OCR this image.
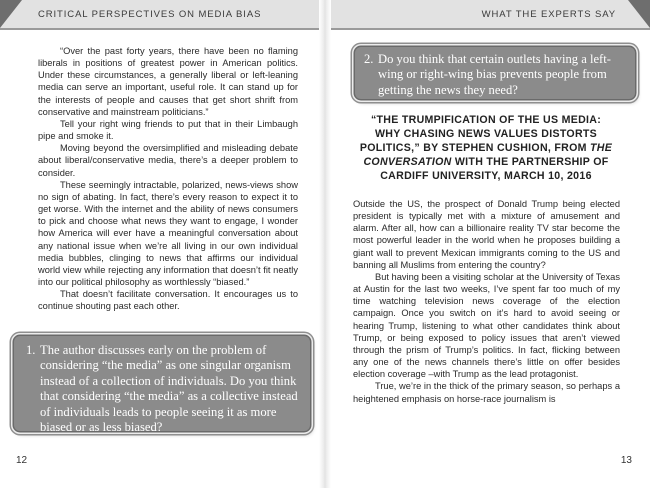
CRITICAL PERSPECTIVES ON MEDIA BIAS

“Over the past forty years, there have been no flaming liberals in positions of greatest power in American politics. Under these circumstances, a generally liberal or left-leaning media can serve an important, useful role. It can stand up for the interests of people and causes that get short shrift from conservative and mainstream politicians.”

Tell your right wing friends to put that in their Limbaugh pipe and smoke it.

Moving beyond the oversimplified and misleading debate about liberal/conservative media, there’s a deeper problem to consider.

These seemingly intractable, polarized, news-views show no sign of abating. In fact, there’s every reason to expect it to get worse. With the internet and the ability of news consumers to pick and choose what news they want to engage, I wonder how America will ever have a meaningful conversation about any national issue when we’re all living in our own individual media bubbles, clinging to news that affirms our individual world view while rejecting any information that doesn’t fit neatly into our political philosophy as worthlessly “biased.”

That doesn’t facilitate conversation. It encourages us to continue shouting past each other.

1. The author discusses early on the problem of considering “the media” as one singular organism instead of a collection of individuals. Do you think that considering “the media” as a collective instead of individuals leads to people seeing it as more biased or as less biased?
12
WHAT THE EXPERTS SAY
2. Do you think that certain outlets having a left-wing or right-wing bias prevents people from getting the news they need?
“THE TRUMPIFICATION OF THE US MEDIA: WHY CHASING NEWS VALUES DISTORTS POLITICS,” BY STEPHEN CUSHION, FROM THE CONVERSATION WITH THE PARTNERSHIP OF CARDIFF UNIVERSITY, MARCH 10, 2016

Outside the US, the prospect of Donald Trump being elected president is typically met with a mixture of amusement and alarm. After all, how can a billionaire reality TV star become the most powerful leader in the world when he proposes building a giant wall to prevent Mexican immigrants coming to the US and banning all Muslims from entering the country?

But having been a visiting scholar at the University of Texas at Austin for the last two weeks, I’ve spent far too much of my time watching television news coverage of the election campaign. Once you switch on it’s hard to avoid seeing or hearing Trump, listening to what other candidates think about Trump, or being exposed to policy issues that aren’t viewed through the prism of Trump’s politics. In fact, flicking between any one of the news channels there’s little on offer besides election coverage –with Trump as the lead protagonist.

True, we’re in the thick of the primary season, so perhaps a heightened emphasis on horse-race journalism is

13
